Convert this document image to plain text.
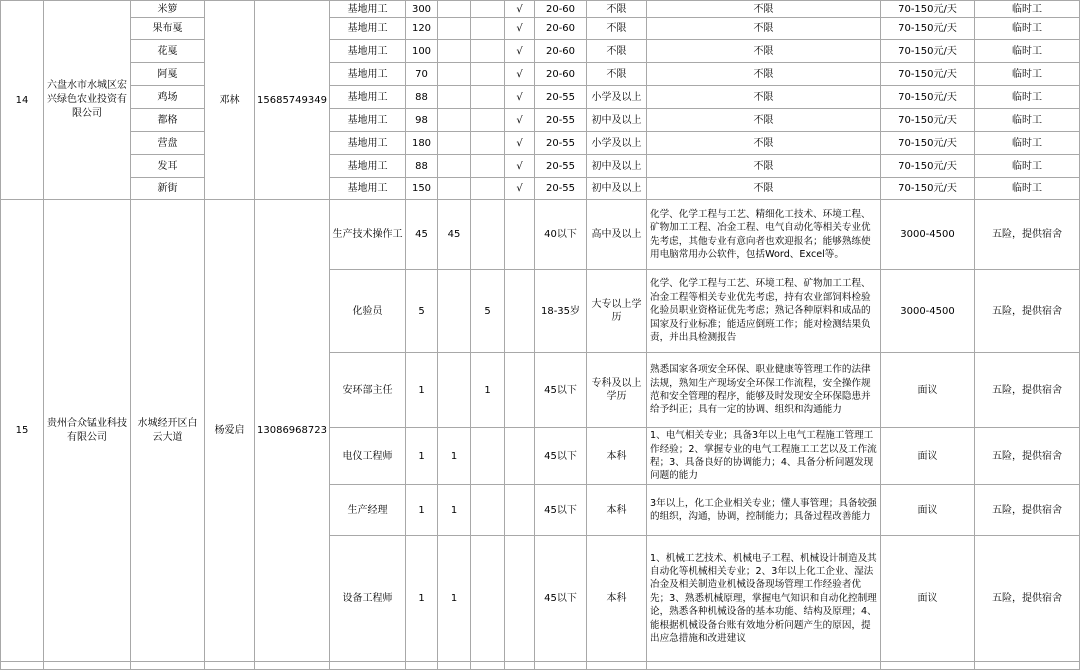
14	六盘水市水城区宏兴绿色农业投资有限公司	米箩	邓林	15685749349	基地用工	300			√	20-60	不限	不限	70-150元/天	临时工
		果布戛			基地用工	120			√	20-60	不限	不限	70-150元/天	临时工
		花戛			基地用工	100			√	20-60	不限	不限	70-150元/天	临时工
		阿戛			基地用工	70			√	20-60	不限	不限	70-150元/天	临时工
		鸡场			基地用工	88			√	20-55	小学及以上	不限	70-150元/天	临时工
		都格			基地用工	98			√	20-55	初中及以上	不限	70-150元/天	临时工
		营盘			基地用工	180			√	20-55	小学及以上	不限	70-150元/天	临时工
		发耳			基地用工	88			√	20-55	初中及以上	不限	70-150元/天	临时工
		新街			基地用工	150			√	20-55	初中及以上	不限	70-150元/天	临时工
15	贵州合众锰业科技有限公司	水城经开区白云大道	杨爱启	13086968723	生产技术操作工	45	45			40以下	高中及以上	化学、化学工程与工艺、精细化工技术、环境工程、矿物加工工程、冶金工程、电气自动化等相关专业优先考虑，其他专业有意向者也欢迎报名；能够熟练使用电脑常用办公软件，包括Word、Excel等。	3000-4500	五险，提供宿舍
					化验员	5		5		18-35岁	大专以上学历	化学、化学工程与工艺、环境工程、矿物加工工程、冶金工程等相关专业优先考虑，持有农业部饲料检验化验员职业资格证优先考虑；熟记各种原料和成品的国家及行业标准；能适应倒班工作；能对检测结果负责，并出具检测报告	3000-4500	五险，提供宿舍
					安环部主任	1		1		45以下	专科及以上学历	熟悉国家各项安全环保、职业健康等管理工作的法律法规，熟知生产现场安全环保工作流程，安全操作规范和安全管理的程序，能够及时发现安全环保隐患并给予纠正；具有一定的协调、组织和沟通能力	面议	五险，提供宿舍
					电仪工程师	1	1			45以下	本科	1、电气相关专业；具备3年以上电气工程施工管理工作经验；2、掌握专业的电气工程施工工艺以及工作流程；3、具备良好的协调能力；4、具备分析问题发现问题的能力	面议	五险，提供宿舍
					生产经理	1	1			45以下	本科	3年以上，化工企业相关专业；懂人事管理；具备较强的组织，沟通，协调，控制能力；具备过程改善能力	面议	五险，提供宿舍
					设备工程师	1	1			45以下	本科	1、机械工艺技术、机械电子工程、机械设计制造及其自动化等机械相关专业；2、3年以上化工企业、湿法冶金及相关制造业机械设备现场管理工作经验者优先；3、熟悉机械原理，掌握电气知识和自动化控制理论，熟悉各种机械设备的基本功能、结构及原理；4、能根据机械设备台账有效地分析问题产生的原因，提出应急措施和改进建议	面议	五险，提供宿舍
